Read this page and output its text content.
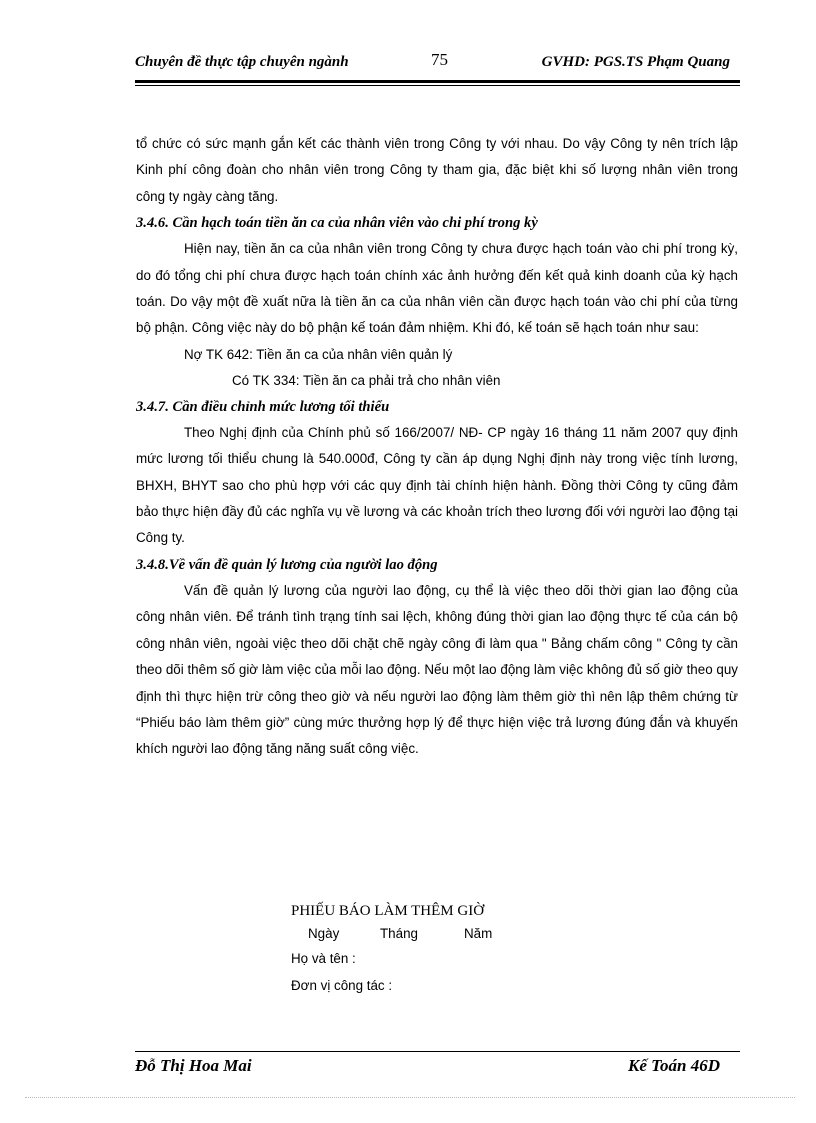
Chuyên đề thực tập chuyên ngành	75	GVHD: PGS.TS Phạm Quang

tổ chức có sức mạnh gắn kết các thành viên trong Công ty với nhau. Do vậy Công ty nên trích lập Kinh phí công đoàn cho nhân viên trong Công ty tham gia, đặc biệt khi số lượng nhân viên trong công ty ngày càng tăng.

3.4.6. Cần hạch toán tiền ăn ca của nhân viên vào chi phí trong kỳ

Hiện nay, tiền ăn ca của nhân viên trong Công ty chưa được hạch toán vào chi phí trong kỳ, do đó tổng chi phí chưa được hạch toán chính xác ảnh hưởng đến kết quả kinh doanh của kỳ hạch toán. Do vậy một đề xuất nữa là tiền ăn ca của nhân viên cần được hạch toán vào chi phí của từng bộ phận. Công việc này do bộ phận kế toán đảm nhiệm. Khi đó, kế toán sẽ hạch toán như sau:

Nợ TK 642: Tiền ăn ca của nhân viên quản lý

Có TK 334: Tiền ăn ca phải trả cho nhân viên

3.4.7. Cần điều chỉnh mức lương tối thiểu

Theo Nghị định của Chính phủ số 166/2007/ NĐ- CP ngày 16 tháng 11 năm 2007 quy định mức lương tối thiểu chung là 540.000đ, Công ty cần áp dụng Nghị định này trong việc tính lương, BHXH, BHYT sao cho phù hợp với các quy định tài chính hiện hành. Đồng thời Công ty cũng đảm bảo thực hiện đầy đủ các nghĩa vụ về lương và các khoản trích theo lương đối với người lao động tại Công ty.

3.4.8.Về vấn đề quản lý lương của người lao động

Vấn đề quản lý lương của người lao động, cụ thể là việc theo dõi thời gian lao động của công nhân viên. Để tránh tình trạng tính sai lệch, không đúng thời gian lao động thực tế của cán bộ công nhân viên, ngoài việc theo dõi chặt chẽ ngày công đi làm qua " Bảng chấm công " Công ty cần theo dõi thêm số giờ làm việc của mỗi lao động. Nếu một lao động làm việc không đủ số giờ theo quy định thì thực hiện trừ công theo giờ và nếu người lao động làm thêm giờ thì nên lập thêm chứng từ “Phiếu báo làm thêm giờ” cùng mức thưởng hợp lý để thực hiện việc trả lương đúng đắn và khuyến khích người lao động tăng năng suất công việc.

PHIẾU BÁO LÀM THÊM GIỜ

Ngày	Tháng	Năm

Họ và tên :

Đơn vị công tác :

Đỗ Thị Hoa Mai	Kế Toán 46D
